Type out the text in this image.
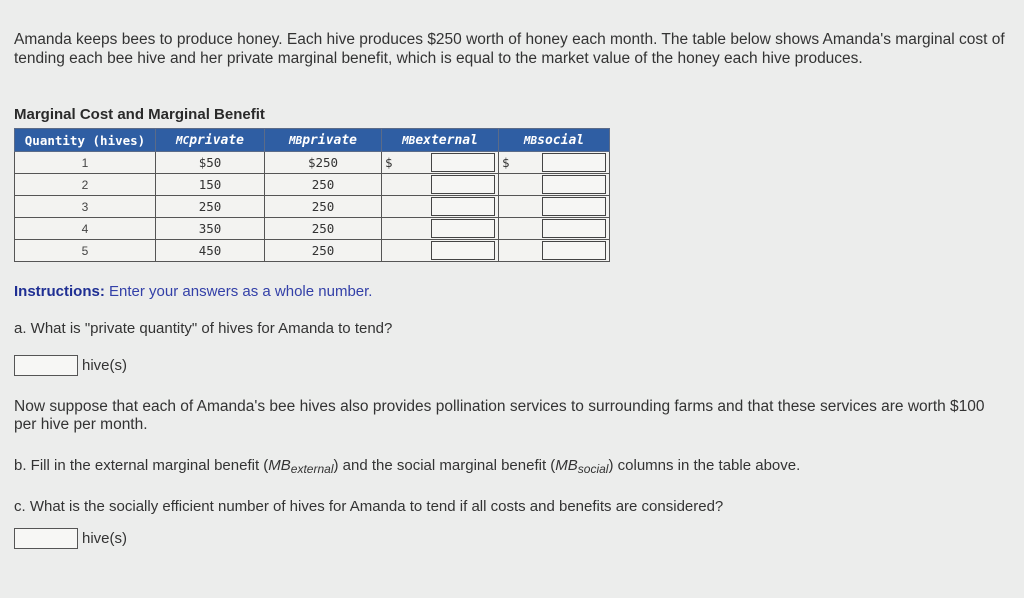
Amanda keeps bees to produce honey. Each hive produces $250 worth of honey each month. The table below shows Amanda's marginal cost of tending each bee hive and her private marginal benefit, which is equal to the market value of the honey each hive produces.
Marginal Cost and Marginal Benefit
Quantity (hives)	MCprivate	MBprivate	MBexternal	MBsocial
1	$50	$250	$	$

2	150	250	

3	250	250	

4	350	250	

5	450	250	

Instructions: Enter your answers as a whole number.
a. What is "private quantity" of hives for Amanda to tend?
hive(s)
Now suppose that each of Amanda's bee hives also provides pollination services to surrounding farms and that these services are worth $100 per hive per month.
b. Fill in the external marginal benefit $(MB_{external})$ and the social marginal benefit $(MB_{social})$ columns in the table above.
c. What is the socially efficient number of hives for Amanda to tend if all costs and benefits are considered?
hive(s)
